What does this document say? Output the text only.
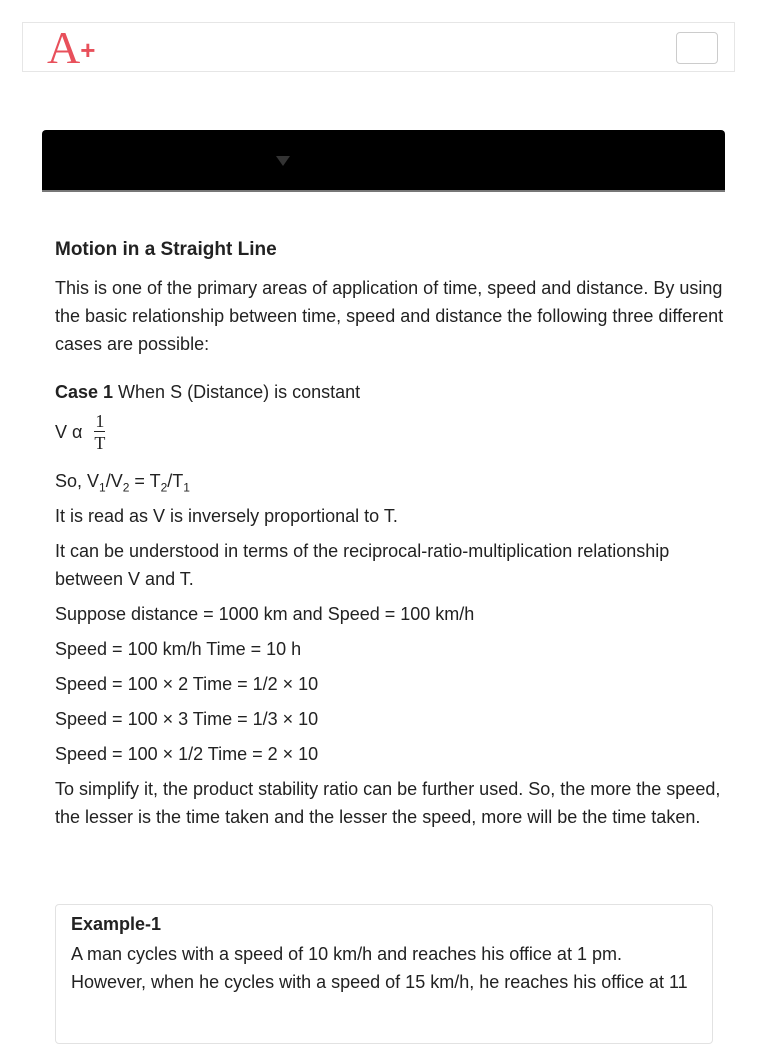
A+
Motion in a Straight Line

This is one of the primary areas of application of time, speed and distance. By using the basic relationship between time, speed and distance the following three different cases are possible:

Case 1 When S (Distance) is constant

V α $\frac{1}{T}$

So, $V_1/V_2 = T_2/T_1$

It is read as V is inversely proportional to T.

It can be understood in terms of the reciprocal-ratio-multiplication relationship between V and T.

Suppose distance = 1000 km and Speed = 100 km/h

Speed = 100 km/h Time = 10 h

Speed = 100 × 2 Time = 1/2 × 10

Speed = 100 × 3 Time = 1/3 × 10

Speed = 100 × 1/2 Time = 2 × 10

To simplify it, the product stability ratio can be further used. So, the more the speed, the lesser is the time taken and the lesser the speed, more will be the time taken.

Example-1

A man cycles with a speed of 10 km/h and reaches his office at 1 pm. However, when he cycles with a speed of 15 km/h, he reaches his office at 11
